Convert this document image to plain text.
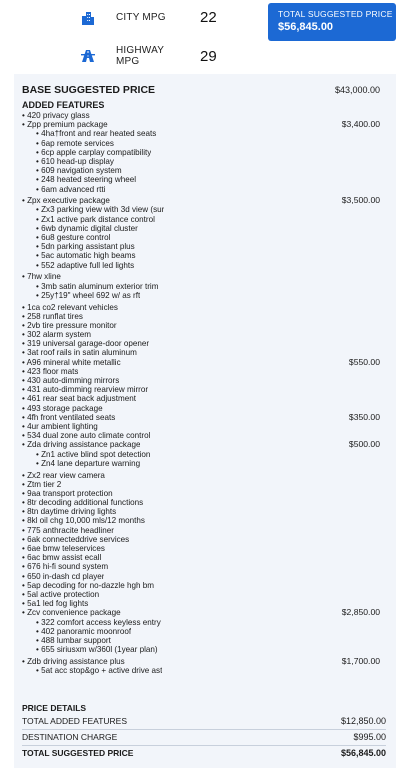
CITY MPG	22
HIGHWAY MPG	29
TOTAL SUGGESTED PRICE
$56,845.00
BASE SUGGESTED PRICE	$43,000.00
ADDED FEATURES
• 420 privacy glass
• Zpp premium package	$3,400.00
• 4ha†front and rear heated seats
• 6ap remote services
• 6cp apple carplay compatibility
• 610 head-up display
• 609 navigation system
• 248 heated steering wheel
• 6am advanced rtti
• Zpx executive package	$3,500.00
• Zx3 parking view with 3d view (sur
• Zx1 active park distance control
• 6wb dynamic digital cluster
• 6u8 gesture control
• 5dn parking assistant plus
• 5ac automatic high beams
• 552 adaptive full led lights
• 7hw xline
• 3mb satin aluminum exterior trim
• 25y†19" wheel 692 w/ as rft
• 1ca co2 relevant vehicles
• 258 runflat tires
• 2vb tire pressure monitor
• 302 alarm system
• 319 universal garage-door opener
• 3at roof rails in satin aluminum
• A96 mineral white metallic	$550.00
• 423 floor mats
• 430 auto-dimming mirrors
• 431 auto-dimming rearview mirror
• 461 rear seat back adjustment
• 493 storage package
• 4fh front ventilated seats	$350.00
• 4ur ambient lighting
• 534 dual zone auto climate control
• Zda driving assistance package	$500.00
• Zn1 active blind spot detection
• Zn4 lane departure warning
• Zx2 rear view camera
• Ztm tier 2
• 9aa transport protection
• 8tr decoding additional functions
• 8tn daytime driving lights
• 8kl oil chg 10,000 mls/12 months
• 775 anthracite headliner
• 6ak connecteddrive services
• 6ae bmw teleservices
• 6ac bmw assist ecall
• 676 hi-fi sound system
• 650 in-dash cd player
• 5ap decoding for no-dazzle hgh bm
• 5al active protection
• 5a1 led fog lights
• Zcv convenience package	$2,850.00
• 322 comfort access keyless entry
• 402 panoramic moonroof
• 488 lumbar support
• 655 siriusxm w/360l (1year plan)
• Zdb driving assistance plus	$1,700.00
• 5at acc stop&go + active drive ast
PRICE DETAILS
TOTAL ADDED FEATURES	$12,850.00
DESTINATION CHARGE	$995.00
TOTAL SUGGESTED PRICE	$56,845.00
